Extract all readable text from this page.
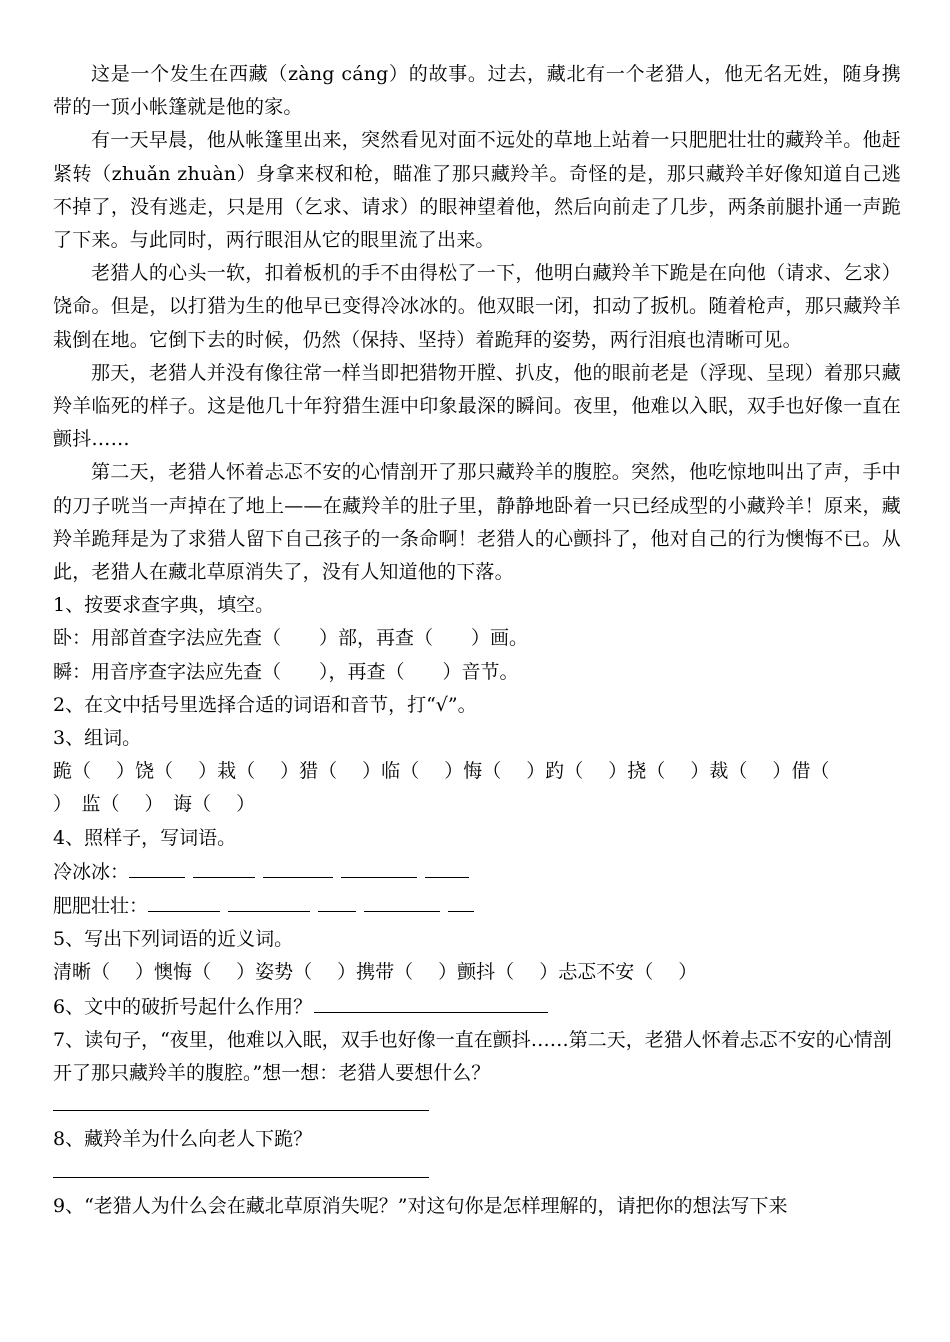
这是一个发生在西藏（zàng cáng）的故事。过去，藏北有一个老猎人，他无名无姓，随身携带的一顶小帐篷就是他的家。

有一天早晨，他从帐篷里出来，突然看见对面不远处的草地上站着一只肥肥壮壮的藏羚羊。他赶紧转（zhuǎn zhuàn）身拿来杈和枪，瞄准了那只藏羚羊。奇怪的是，那只藏羚羊好像知道自己逃不掉了，没有逃走，只是用（乞求、请求）的眼神望着他，然后向前走了几步，两条前腿扑通一声跪了下来。与此同时，两行眼泪从它的眼里流了出来。

老猎人的心头一软，扣着板机的手不由得松了一下，他明白藏羚羊下跪是在向他（请求、乞求）饶命。但是，以打猎为生的他早已变得冷冰冰的。他双眼一闭，扣动了扳机。随着枪声，那只藏羚羊栽倒在地。它倒下去的时候，仍然（保持、坚持）着跪拜的姿势，两行泪痕也清晰可见。

那天，老猎人并没有像往常一样当即把猎物开膛、扒皮，他的眼前老是（浮现、呈现）着那只藏羚羊临死的样子。这是他几十年狩猎生涯中印象最深的瞬间。夜里，他难以入眠，双手也好像一直在颤抖……

第二天，老猎人怀着忐忑不安的心情剖开了那只藏羚羊的腹腔。突然，他吃惊地叫出了声，手中的刀子咣当一声掉在了地上——在藏羚羊的肚子里，静静地卧着一只已经成型的小藏羚羊！原来，藏羚羊跪拜是为了求猎人留下自己孩子的一条命啊！老猎人的心颤抖了，他对自己的行为懊悔不已。从此，老猎人在藏北草原消失了，没有人知道他的下落。

1、按要求查字典，填空。

卧：用部首查字法应先查（　　）部，再查（　　）画。

瞬：用音序查字法应先查（　　），再查（　　）音节。

2、在文中括号里选择合适的词语和音节，打“√”。

3、组词。

跪（　 ）饶（　 ）栽（　 ）猎（　 ）临（　 ）悔（　 ）趵（　 ）挠（　 ）裁（　 ）借（

）　监（　 ）　诲（　 ）

4、照样子，写词语。

冷冰冰：

肥肥壮壮：

5、写出下列词语的近义词。

清晰（　 ）懊悔（　 ）姿势（　 ）携带（　 ）颤抖（　 ）忐忑不安（　 ）

6、文中的破折号起什么作用？

7、读句子，“夜里，他难以入眠，双手也好像一直在颤抖……第二天，老猎人怀着忐忑不安的心情剖开了那只藏羚羊的腹腔。”想一想：老猎人要想什么？

8、藏羚羊为什么向老人下跪？

9、“老猎人为什么会在藏北草原消失呢？”对这句你是怎样理解的，请把你的想法写下来
